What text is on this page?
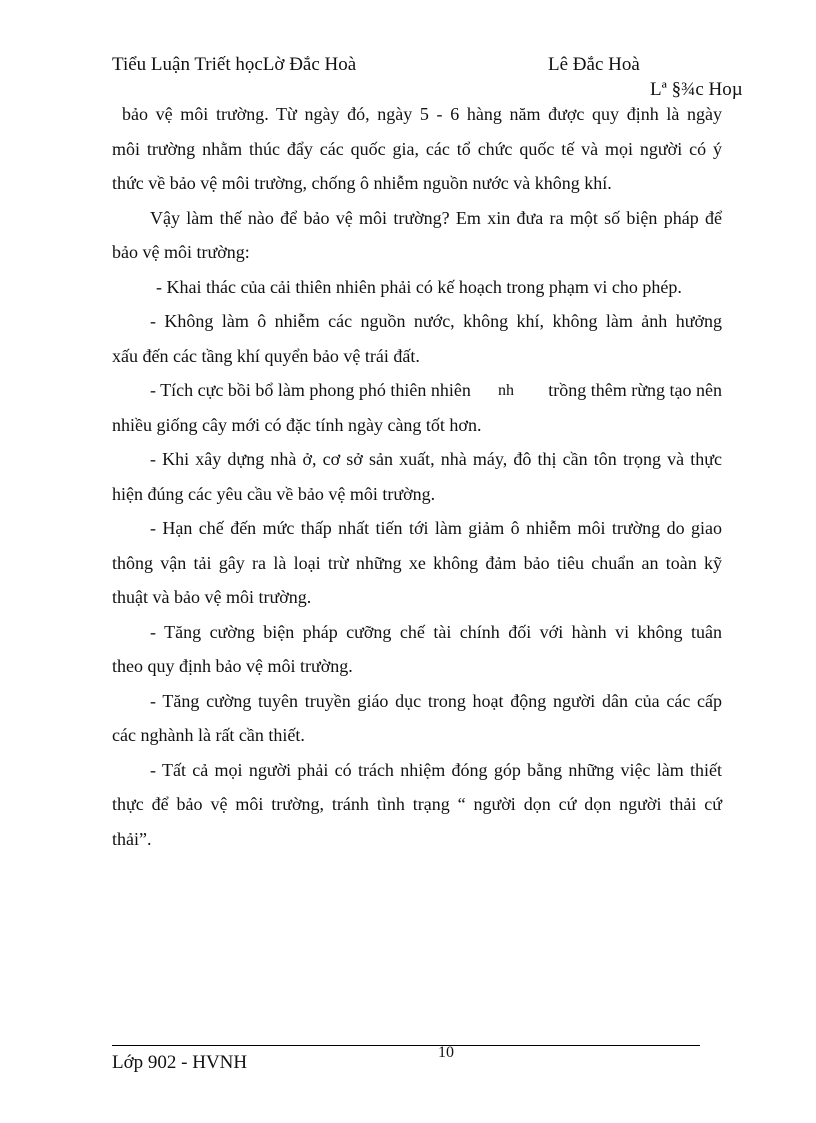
Tiểu Luận Triết họcLờ Đắc Hoà	Lê Đắc Hoà
Lª §¾c Hoµ
bảo vệ môi trường. Từ ngày đó, ngày 5 - 6 hàng năm được quy định là ngày
môi trường nhằm thúc đẩy các quốc gia, các tổ chức quốc tế và mọi người có ý
thức về bảo vệ môi trường, chống ô nhiễm nguồn nước và không khí.
Vậy làm thế nào để bảo vệ môi trường? Em xin đưa ra một số biện pháp để
bảo vệ môi trường:
- Khai thác của cải thiên nhiên phải có kế hoạch trong phạm vi cho phép.
- Không làm ô nhiễm các nguồn nước, không khí, không làm ảnh hưởng
xấu đến các tầng khí quyển bảo vệ trái đất.
- Tích cực bồi bổ làm phong phó thiên nhiên nh	trồng thêm rừng tạo nên
nhiều giống cây mới có đặc tính ngày càng tốt hơn.
- Khi xây dựng nhà ở, cơ sở sản xuất, nhà máy, đô thị cần tôn trọng và thực
hiện đúng các yêu cầu về bảo vệ môi trường.
- Hạn chế đến mức thấp nhất tiến tới làm giảm ô nhiễm môi trường do giao
thông vận tải gây ra là loại trừ những xe không đảm bảo tiêu chuẩn an toàn kỹ
thuật và bảo vệ môi trường.
- Tăng cường biện pháp cưỡng chế tài chính đối với hành vi không tuân
theo quy định bảo vệ môi trường.
- Tăng cường tuyên truyền giáo dục trong hoạt động người dân của các cấp
các nghành là rất cần thiết.
- Tất cả mọi người phải có trách nhiệm đóng góp bằng những việc làm thiết
thực để bảo vệ môi trường, tránh tình trạng “ người dọn cứ dọn người thải cứ
thải”.
10
Lớp 902 - HVNH
